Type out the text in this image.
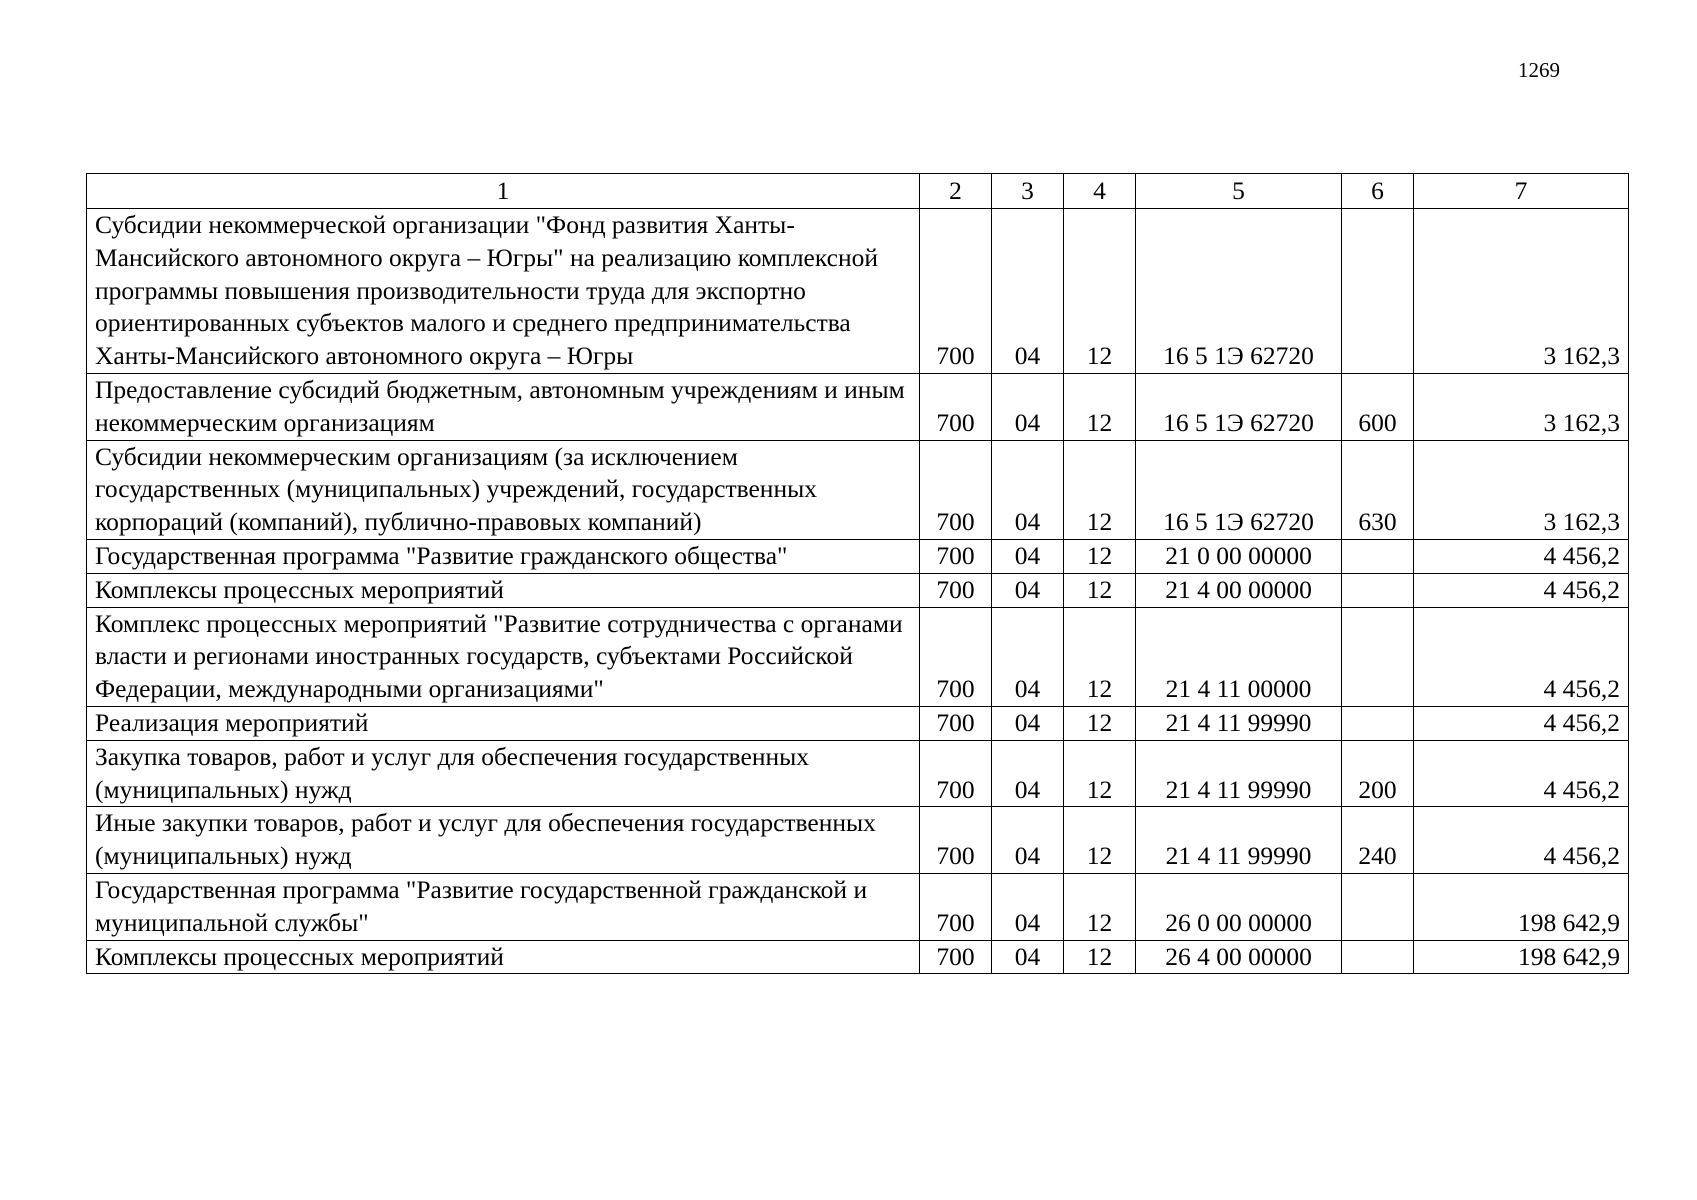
1269
1	2	3	4	5	6	7
Субсидии некоммерческой организации "Фонд развития Ханты-Мансийского автономного округа – Югры" на реализацию комплексной программы повышения производительности труда для экспортно ориентированных субъектов малого и среднего предпринимательства Ханты-Мансийского автономного округа – Югры	700	04	12	16 5 1Э 62720		3 162,3
Предоставление субсидий бюджетным, автономным учреждениям и иным некоммерческим организациям	700	04	12	16 5 1Э 62720	600	3 162,3
Субсидии некоммерческим организациям (за исключением государственных (муниципальных) учреждений, государственных корпораций (компаний), публично-правовых компаний)	700	04	12	16 5 1Э 62720	630	3 162,3
Государственная программа "Развитие гражданского общества"	700	04	12	21 0 00 00000		4 456,2
Комплексы процессных мероприятий	700	04	12	21 4 00 00000		4 456,2
Комплекс процессных мероприятий "Развитие сотрудничества с органами власти и регионами иностранных государств, субъектами Российской Федерации, международными организациями"	700	04	12	21 4 11 00000		4 456,2
Реализация мероприятий	700	04	12	21 4 11 99990		4 456,2
Закупка товаров, работ и услуг для обеспечения государственных (муниципальных) нужд	700	04	12	21 4 11 99990	200	4 456,2
Иные закупки товаров, работ и услуг для обеспечения государственных (муниципальных) нужд	700	04	12	21 4 11 99990	240	4 456,2
Государственная программа "Развитие государственной гражданской и муниципальной службы"	700	04	12	26 0 00 00000		198 642,9
Комплексы процессных мероприятий	700	04	12	26 4 00 00000		198 642,9
